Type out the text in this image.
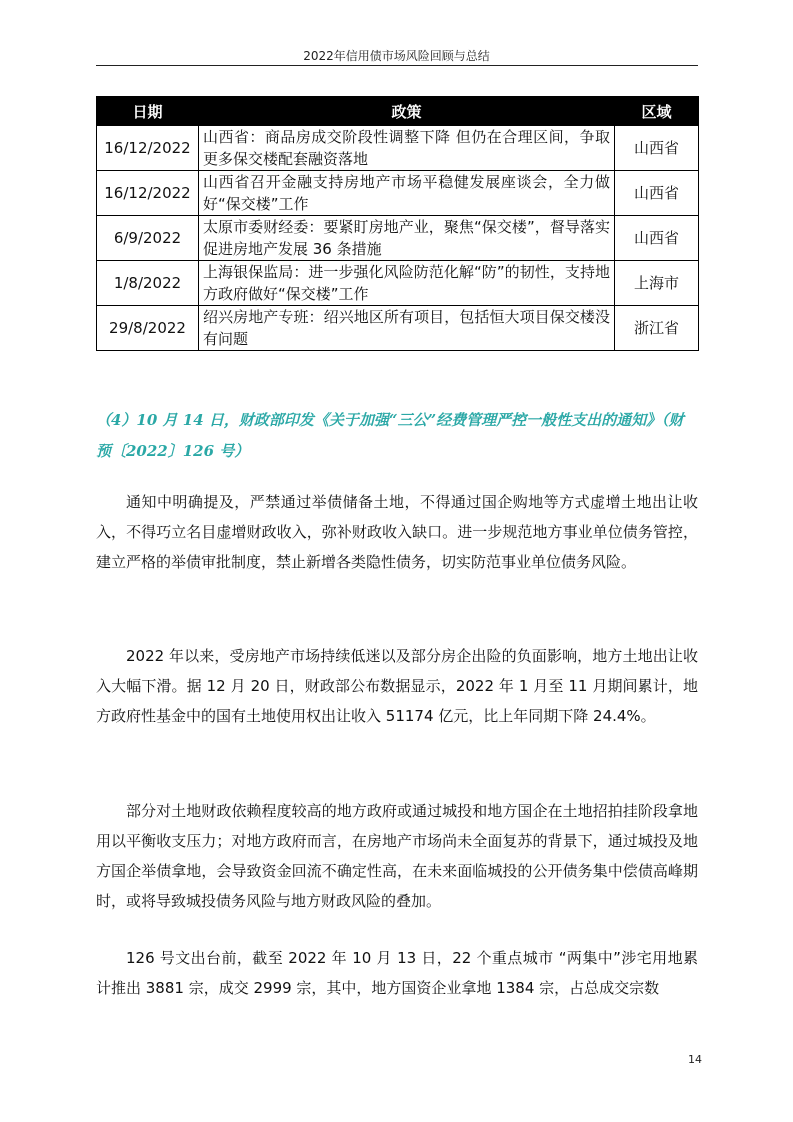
2022年信用债市场风险回顾与总结
日期	政策	区域
16/12/2022	山西省：商品房成交阶段性调整下降 但仍在合理区间，争取更多保交楼配套融资落地	山西省
16/12/2022	山西省召开金融支持房地产市场平稳健发展座谈会，全力做好“保交楼”工作	山西省
6/9/2022	太原市委财经委：要紧盯房地产业，聚焦“保交楼”，督导落实促进房地产发展 36 条措施	山西省
1/8/2022	上海银保监局：进一步强化风险防范化解“防”的韧性，支持地方政府做好“保交楼”工作	上海市
29/8/2022	绍兴房地产专班：绍兴地区所有项目，包括恒大项目保交楼没有问题	浙江省
（4）10 月 14 日，财政部印发《关于加强“三公”经费管理严控一般性支出的通知》（财预〔2022〕126 号）

通知中明确提及，严禁通过举债储备土地，不得通过国企购地等方式虚增土地出让收入，不得巧立名目虚增财政收入，弥补财政收入缺口。进一步规范地方事业单位债务管控，建立严格的举债审批制度，禁止新增各类隐性债务，切实防范事业单位债务风险。

2022 年以来，受房地产市场持续低迷以及部分房企出险的负面影响，地方土地出让收入大幅下滑。据 12 月 20 日，财政部公布数据显示，2022 年 1 月至 11 月期间累计，地方政府性基金中的国有土地使用权出让收入 51174 亿元，比上年同期下降 24.4%。

部分对土地财政依赖程度较高的地方政府或通过城投和地方国企在土地招拍挂阶段拿地用以平衡收支压力；对地方政府而言，在房地产市场尚未全面复苏的背景下，通过城投及地方国企举债拿地，会导致资金回流不确定性高，在未来面临城投的公开债务集中偿债高峰期时，或将导致城投债务风险与地方财政风险的叠加。

126 号文出台前，截至 2022 年 10 月 13 日，22 个重点城市 “两集中”涉宅用地累计推出 3881 宗，成交 2999 宗，其中，地方国资企业拿地 1384 宗，占总成交宗数

14
